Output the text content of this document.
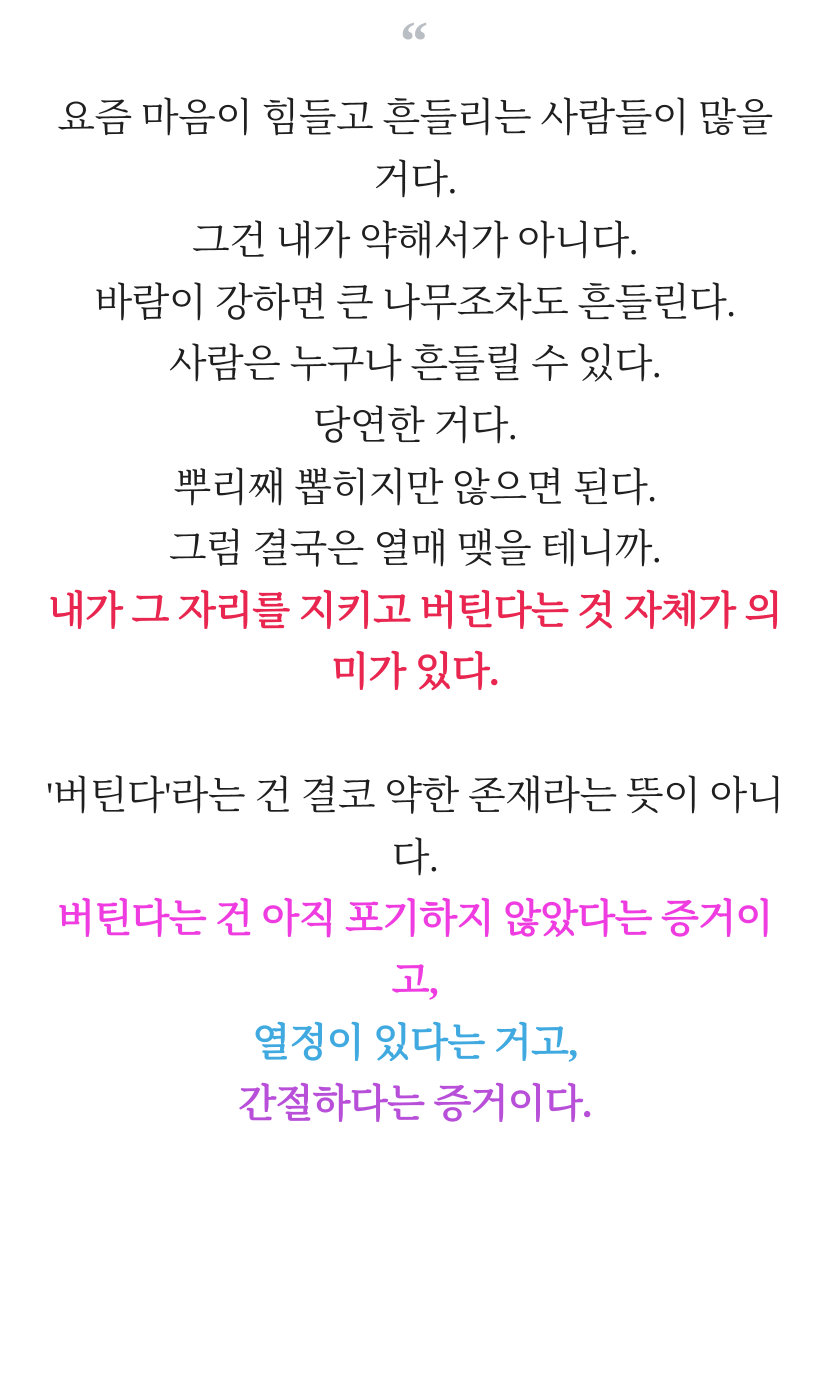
“

요즘 마음이 힘들고 흔들리는 사람들이 많을 거다.
그건 내가 약해서가 아니다.
바람이 강하면 큰 나무조차도 흔들린다.
사람은 누구나 흔들릴 수 있다.
당연한 거다.
뿌리째 뽑히지만 않으면 된다.
그럼 결국은 열매 맺을 테니까.
내가 그 자리를 지키고 버틴다는 것 자체가 의미가 있다.

'버틴다'라는 건 결코 약한 존재라는 뜻이 아니다.
버틴다는 건 아직 포기하지 않았다는 증거이고,
열정이 있다는 거고,
간절하다는 증거이다.
